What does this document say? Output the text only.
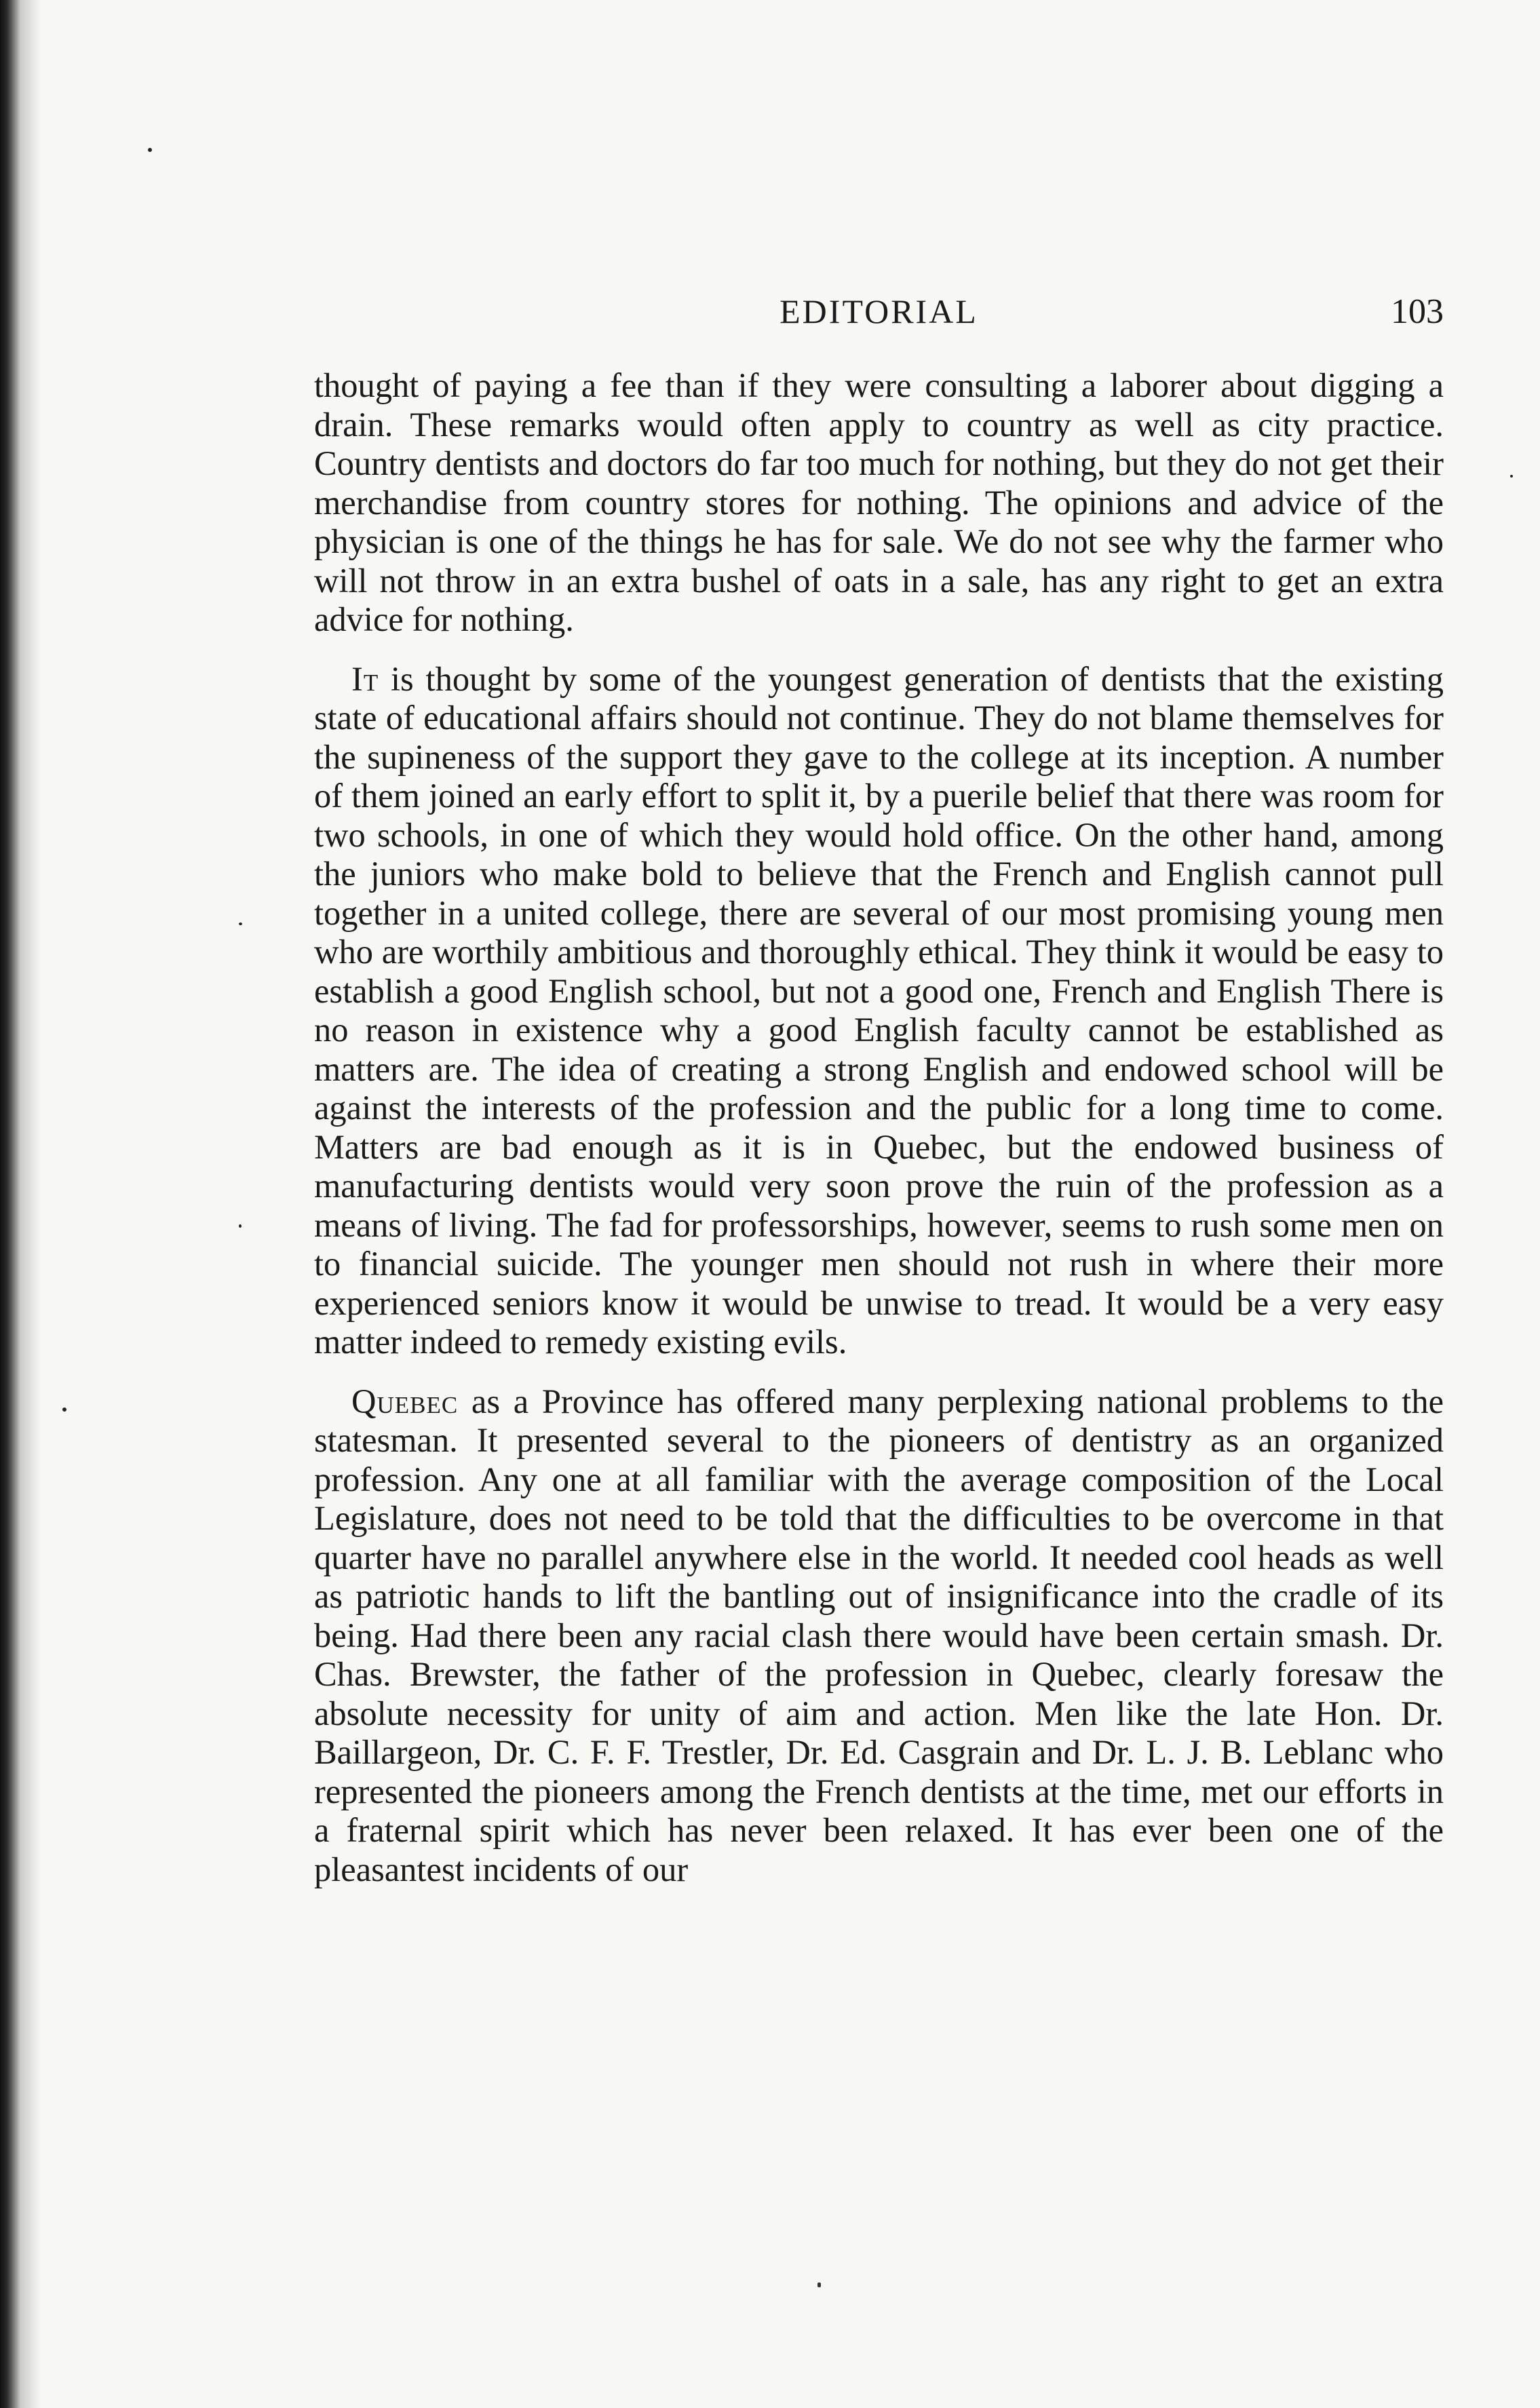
EDITORIAL	103

thought of paying a fee than if they were consulting a laborer about digging a drain. These remarks would often apply to country as well as city practice. Country dentists and doctors do far too much for nothing, but they do not get their merchandise from country stores for nothing. The opinions and advice of the physician is one of the things he has for sale. We do not see why the farmer who will not throw in an extra bushel of oats in a sale, has any right to get an extra advice for nothing.

It is thought by some of the youngest generation of dentists that the existing state of educational affairs should not continue. They do not blame themselves for the supineness of the support they gave to the college at its inception. A number of them joined an early effort to split it, by a puerile belief that there was room for two schools, in one of which they would hold office. On the other hand, among the juniors who make bold to believe that the French and English cannot pull together in a united college, there are several of our most promising young men who are worthily ambitious and thoroughly ethical. They think it would be easy to establish a good English school, but not a good one, French and English There is no reason in existence why a good English faculty cannot be established as matters are. The idea of creating a strong English and endowed school will be against the interests of the profession and the public for a long time to come. Matters are bad enough as it is in Quebec, but the endowed business of manufacturing dentists would very soon prove the ruin of the profession as a means of living. The fad for professorships, however, seems to rush some men on to financial suicide. The younger men should not rush in where their more experienced seniors know it would be unwise to tread. It would be a very easy matter indeed to remedy existing evils.

Quebec as a Province has offered many perplexing national problems to the statesman. It presented several to the pioneers of dentistry as an organized profession. Any one at all familiar with the average composition of the Local Legislature, does not need to be told that the difficulties to be overcome in that quarter have no parallel anywhere else in the world. It needed cool heads as well as patriotic hands to lift the bantling out of insignificance into the cradle of its being. Had there been any racial clash there would have been certain smash. Dr. Chas. Brewster, the father of the profession in Quebec, clearly foresaw the absolute necessity for unity of aim and action. Men like the late Hon. Dr. Baillargeon, Dr. C. F. F. Trestler, Dr. Ed. Casgrain and Dr. L. J. B. Leblanc who represented the pioneers among the French dentists at the time, met our efforts in a fraternal spirit which has never been relaxed. It has ever been one of the pleasantest incidents of our
